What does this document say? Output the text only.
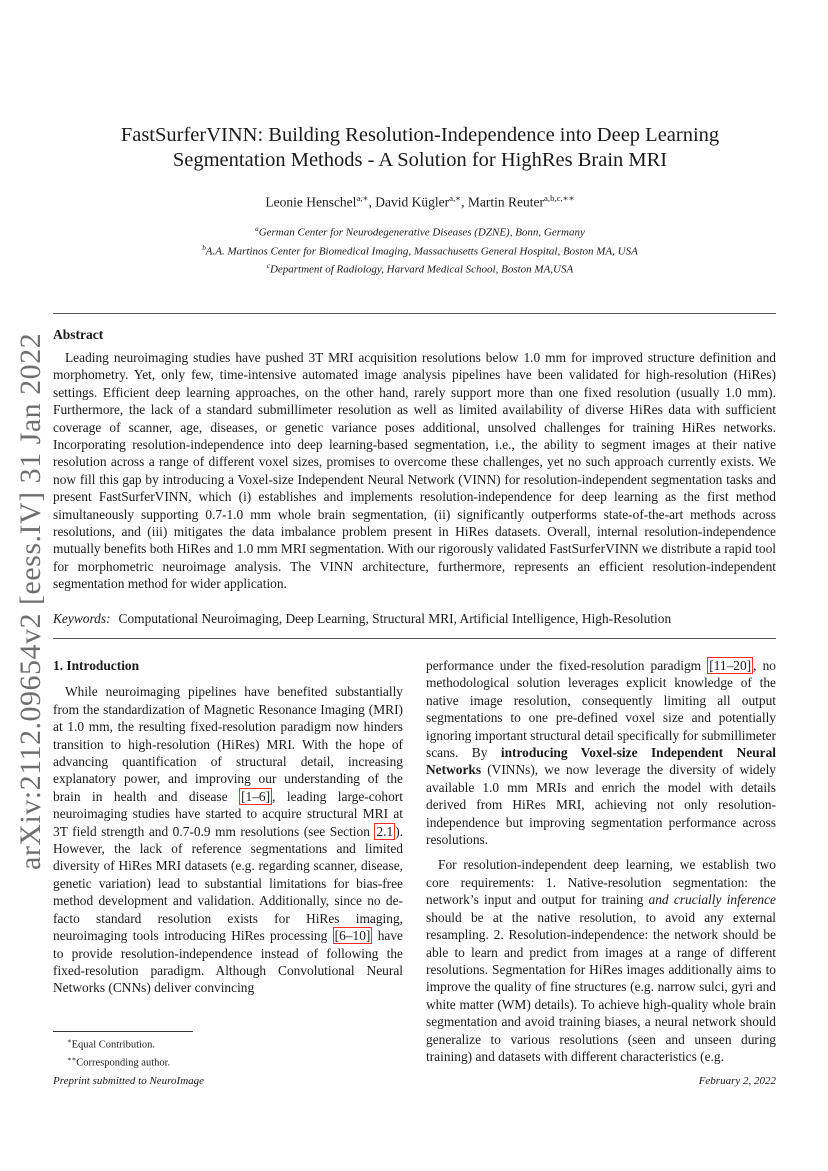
arXiv:2112.09654v2 [eess.IV] 31 Jan 2022
FastSurferVINN: Building Resolution-Independence into Deep Learning
Segmentation Methods - A Solution for HighRes Brain MRI
Leonie Henschel$^{a,∗}$, David Kügler$^{a,∗}$, Martin Reuter$^{a,b,c,∗∗}$
$^a$German Center for Neurodegenerative Diseases (DZNE), Bonn, Germany
$^b$A.A. Martinos Center for Biomedical Imaging, Massachusetts General Hospital, Boston MA, USA
$^c$Department of Radiology, Harvard Medical School, Boston MA,USA
Abstract

Leading neuroimaging studies have pushed 3T MRI acquisition resolutions below 1.0 mm for improved structure definition and morphometry. Yet, only few, time-intensive automated image analysis pipelines have been validated for high-resolution (HiRes) settings. Efficient deep learning approaches, on the other hand, rarely support more than one fixed resolution (usually 1.0 mm). Furthermore, the lack of a standard submillimeter resolution as well as limited availability of diverse HiRes data with sufficient coverage of scanner, age, diseases, or genetic variance poses additional, unsolved challenges for training HiRes networks. Incorporating resolution-independence into deep learning-based segmentation, i.e., the ability to segment images at their native resolution across a range of different voxel sizes, promises to overcome these challenges, yet no such approach currently exists. We now fill this gap by introducing a Voxel-size Independent Neural Network (VINN) for resolution-independent segmentation tasks and present FastSurferVINN, which (i) establishes and implements resolution-independence for deep learning as the first method simultaneously supporting 0.7-1.0 mm whole brain segmentation, (ii) significantly outperforms state-of-the-art methods across resolutions, and (iii) mitigates the data imbalance problem present in HiRes datasets. Overall, internal resolution-independence mutually benefits both HiRes and 1.0 mm MRI segmentation. With our rigorously validated FastSurferVINN we distribute a rapid tool for morphometric neuroimage analysis. The VINN architecture, furthermore, represents an efficient resolution-independent segmentation method for wider application.

Keywords: Computational Neuroimaging, Deep Learning, Structural MRI, Artificial Intelligence, High-Resolution
1. Introduction

While neuroimaging pipelines have benefited substantially from the standardization of Magnetic Resonance Imaging (MRI) at 1.0 mm, the resulting fixed-resolution paradigm now hinders transition to high-resolution (HiRes) MRI. With the hope of advancing quantification of structural detail, increasing explanatory power, and improving our understanding of the brain in health and disease [1–6] , leading large-cohort neuroimaging studies have started to acquire structural MRI at 3T field strength and 0.7-0.9 mm resolutions (see Section 2.1 ). However, the lack of reference segmentations and limited diversity of HiRes MRI datasets (e.g. regarding scanner, disease, genetic variation) lead to substantial limitations for bias-free method development and validation. Additionally, since no de-facto standard resolution exists for HiRes imaging, neuroimaging tools introducing HiRes processing [6–10] have to provide resolution-independence instead of following the fixed-resolution paradigm. Although Convolutional Neural Networks (CNNs) deliver convincing

performance under the fixed-resolution paradigm [11–20] , no methodological solution leverages explicit knowledge of the native image resolution, consequently limiting all output segmentations to one pre-defined voxel size and potentially ignoring important structural detail specifically for submillimeter scans. By introducing Voxel-size Independent Neural Networks (VINNs), we now leverage the diversity of widely available 1.0 mm MRIs and enrich the model with details derived from HiRes MRI, achieving not only resolution-independence but improving segmentation performance across resolutions.

For resolution-independent deep learning, we establish two core requirements: 1. Native-resolution segmentation: the network’s input and output for training and crucially inference should be at the native resolution, to avoid any external resampling. 2. Resolution-independence: the network should be able to learn and predict from images at a range of different resolutions. Segmentation for HiRes images additionally aims to improve the quality of fine structures (e.g. narrow sulci, gyri and white matter (WM) details). To achieve high-quality whole brain segmentation and avoid training biases, a neural network should generalize to various resolutions (seen and unseen during training) and datasets with different characteristics (e.g.

∗Equal Contribution.
∗∗Corresponding author.
Preprint submitted to NeuroImage	February 2, 2022
